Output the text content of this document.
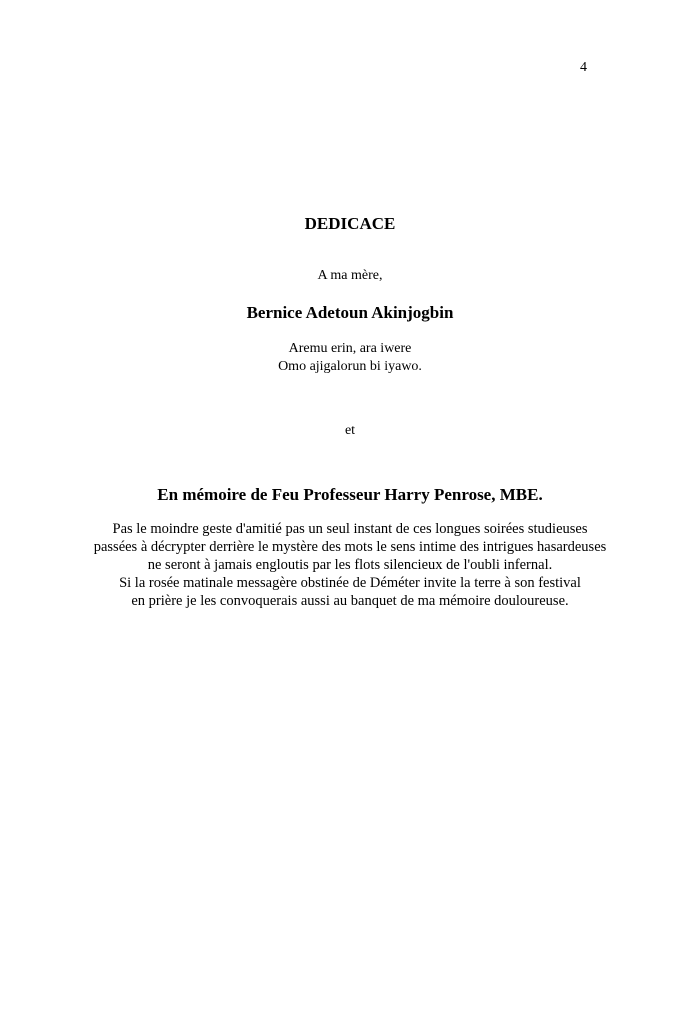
4
DEDICACE
A ma mère,
Bernice Adetoun Akinjogbin
Aremu erin, ara iwere
Omo ajigalorun bi iyawo.
et
En mémoire de Feu Professeur Harry Penrose, MBE.
Pas le moindre geste d'amitié pas un seul instant de ces longues soirées studieuses
passées à décrypter derrière le mystère des mots le sens intime des intrigues hasardeuses
ne seront à jamais engloutis par les flots silencieux de l'oubli infernal.
Si la rosée matinale messagère obstinée de Déméter invite la terre à son festival
en prière je les convoquerais aussi au banquet de ma mémoire douloureuse.
